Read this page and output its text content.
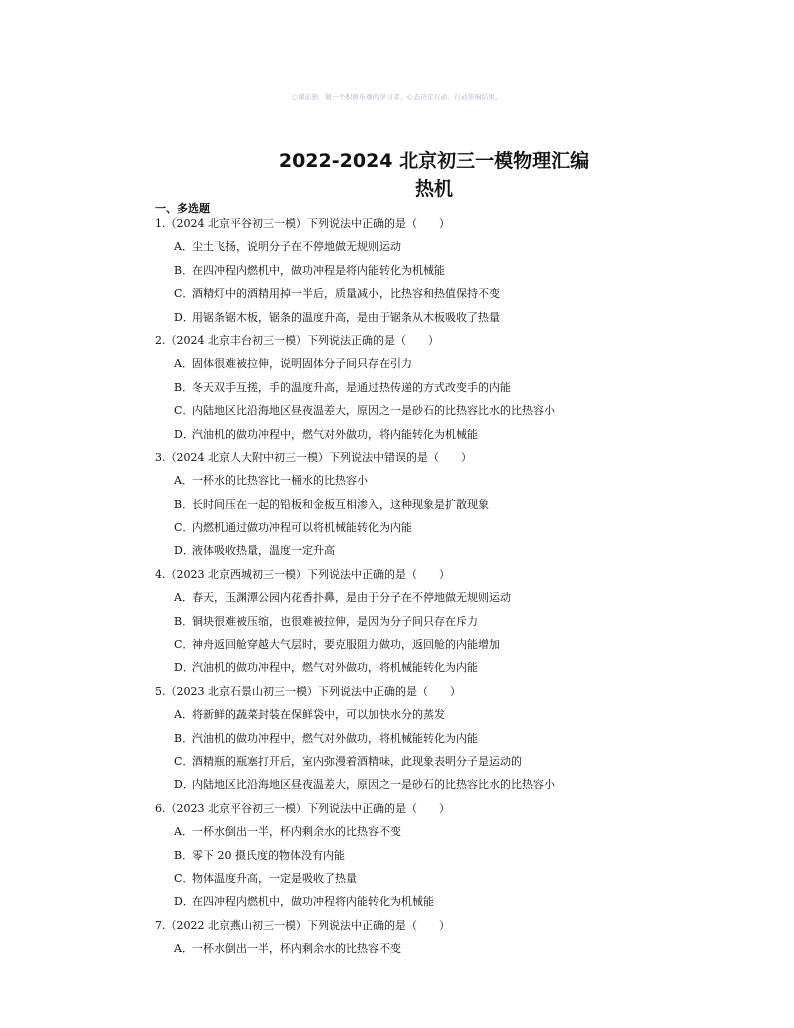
○课前预：做一个积极乐观的学习者，心态决定行动，行动影响结果。
2022-2024 北京初三一模物理汇编
热机
一、多选题
1.（2024 北京平谷初三一模）下列说法中正确的是（　　）
A．尘土飞扬，说明分子在不停地做无规则运动
B．在四冲程内燃机中，做功冲程是将内能转化为机械能
C．酒精灯中的酒精用掉一半后，质量减小，比热容和热值保持不变
D．用锯条锯木板，锯条的温度升高，是由于锯条从木板吸收了热量
2.（2024 北京丰台初三一模）下列说法正确的是（　　）
A．固体很难被拉伸，说明固体分子间只存在引力
B．冬天双手互搓，手的温度升高，是通过热传递的方式改变手的内能
C．内陆地区比沿海地区昼夜温差大，原因之一是砂石的比热容比水的比热容小
D．汽油机的做功冲程中，燃气对外做功，将内能转化为机械能
3.（2024 北京人大附中初三一模）下列说法中错误的是（　　）
A．一杯水的比热容比一桶水的比热容小
B．长时间压在一起的铅板和金板互相渗入，这种现象是扩散现象
C．内燃机通过做功冲程可以将机械能转化为内能
D．液体吸收热量，温度一定升高
4.（2023 北京西城初三一模）下列说法中正确的是（　　）
A．春天，玉渊潭公园内花香扑鼻，是由于分子在不停地做无规则运动
B．铜块很难被压缩，也很难被拉伸，是因为分子间只存在斥力
C．神舟返回舱穿越大气层时，要克服阻力做功，返回舱的内能增加
D．汽油机的做功冲程中，燃气对外做功，将机械能转化为内能
5.（2023 北京石景山初三一模）下列说法中正确的是（　　）
A．将新鲜的蔬菜封装在保鲜袋中，可以加快水分的蒸发
B．汽油机的做功冲程中，燃气对外做功，将机械能转化为内能
C．酒精瓶的瓶塞打开后，室内弥漫着酒精味，此现象表明分子是运动的
D．内陆地区比沿海地区昼夜温差大，原因之一是砂石的比热容比水的比热容小
6.（2023 北京平谷初三一模）下列说法中正确的是（　　）
A．一杯水倒出一半，杯内剩余水的比热容不变
B．零下 20 摄氏度的物体没有内能
C．物体温度升高，一定是吸收了热量
D．在四冲程内燃机中，做功冲程将内能转化为机械能
7.（2022 北京燕山初三一模）下列说法中正确的是（　　）
A．一杯水倒出一半，杯内剩余水的比热容不变
